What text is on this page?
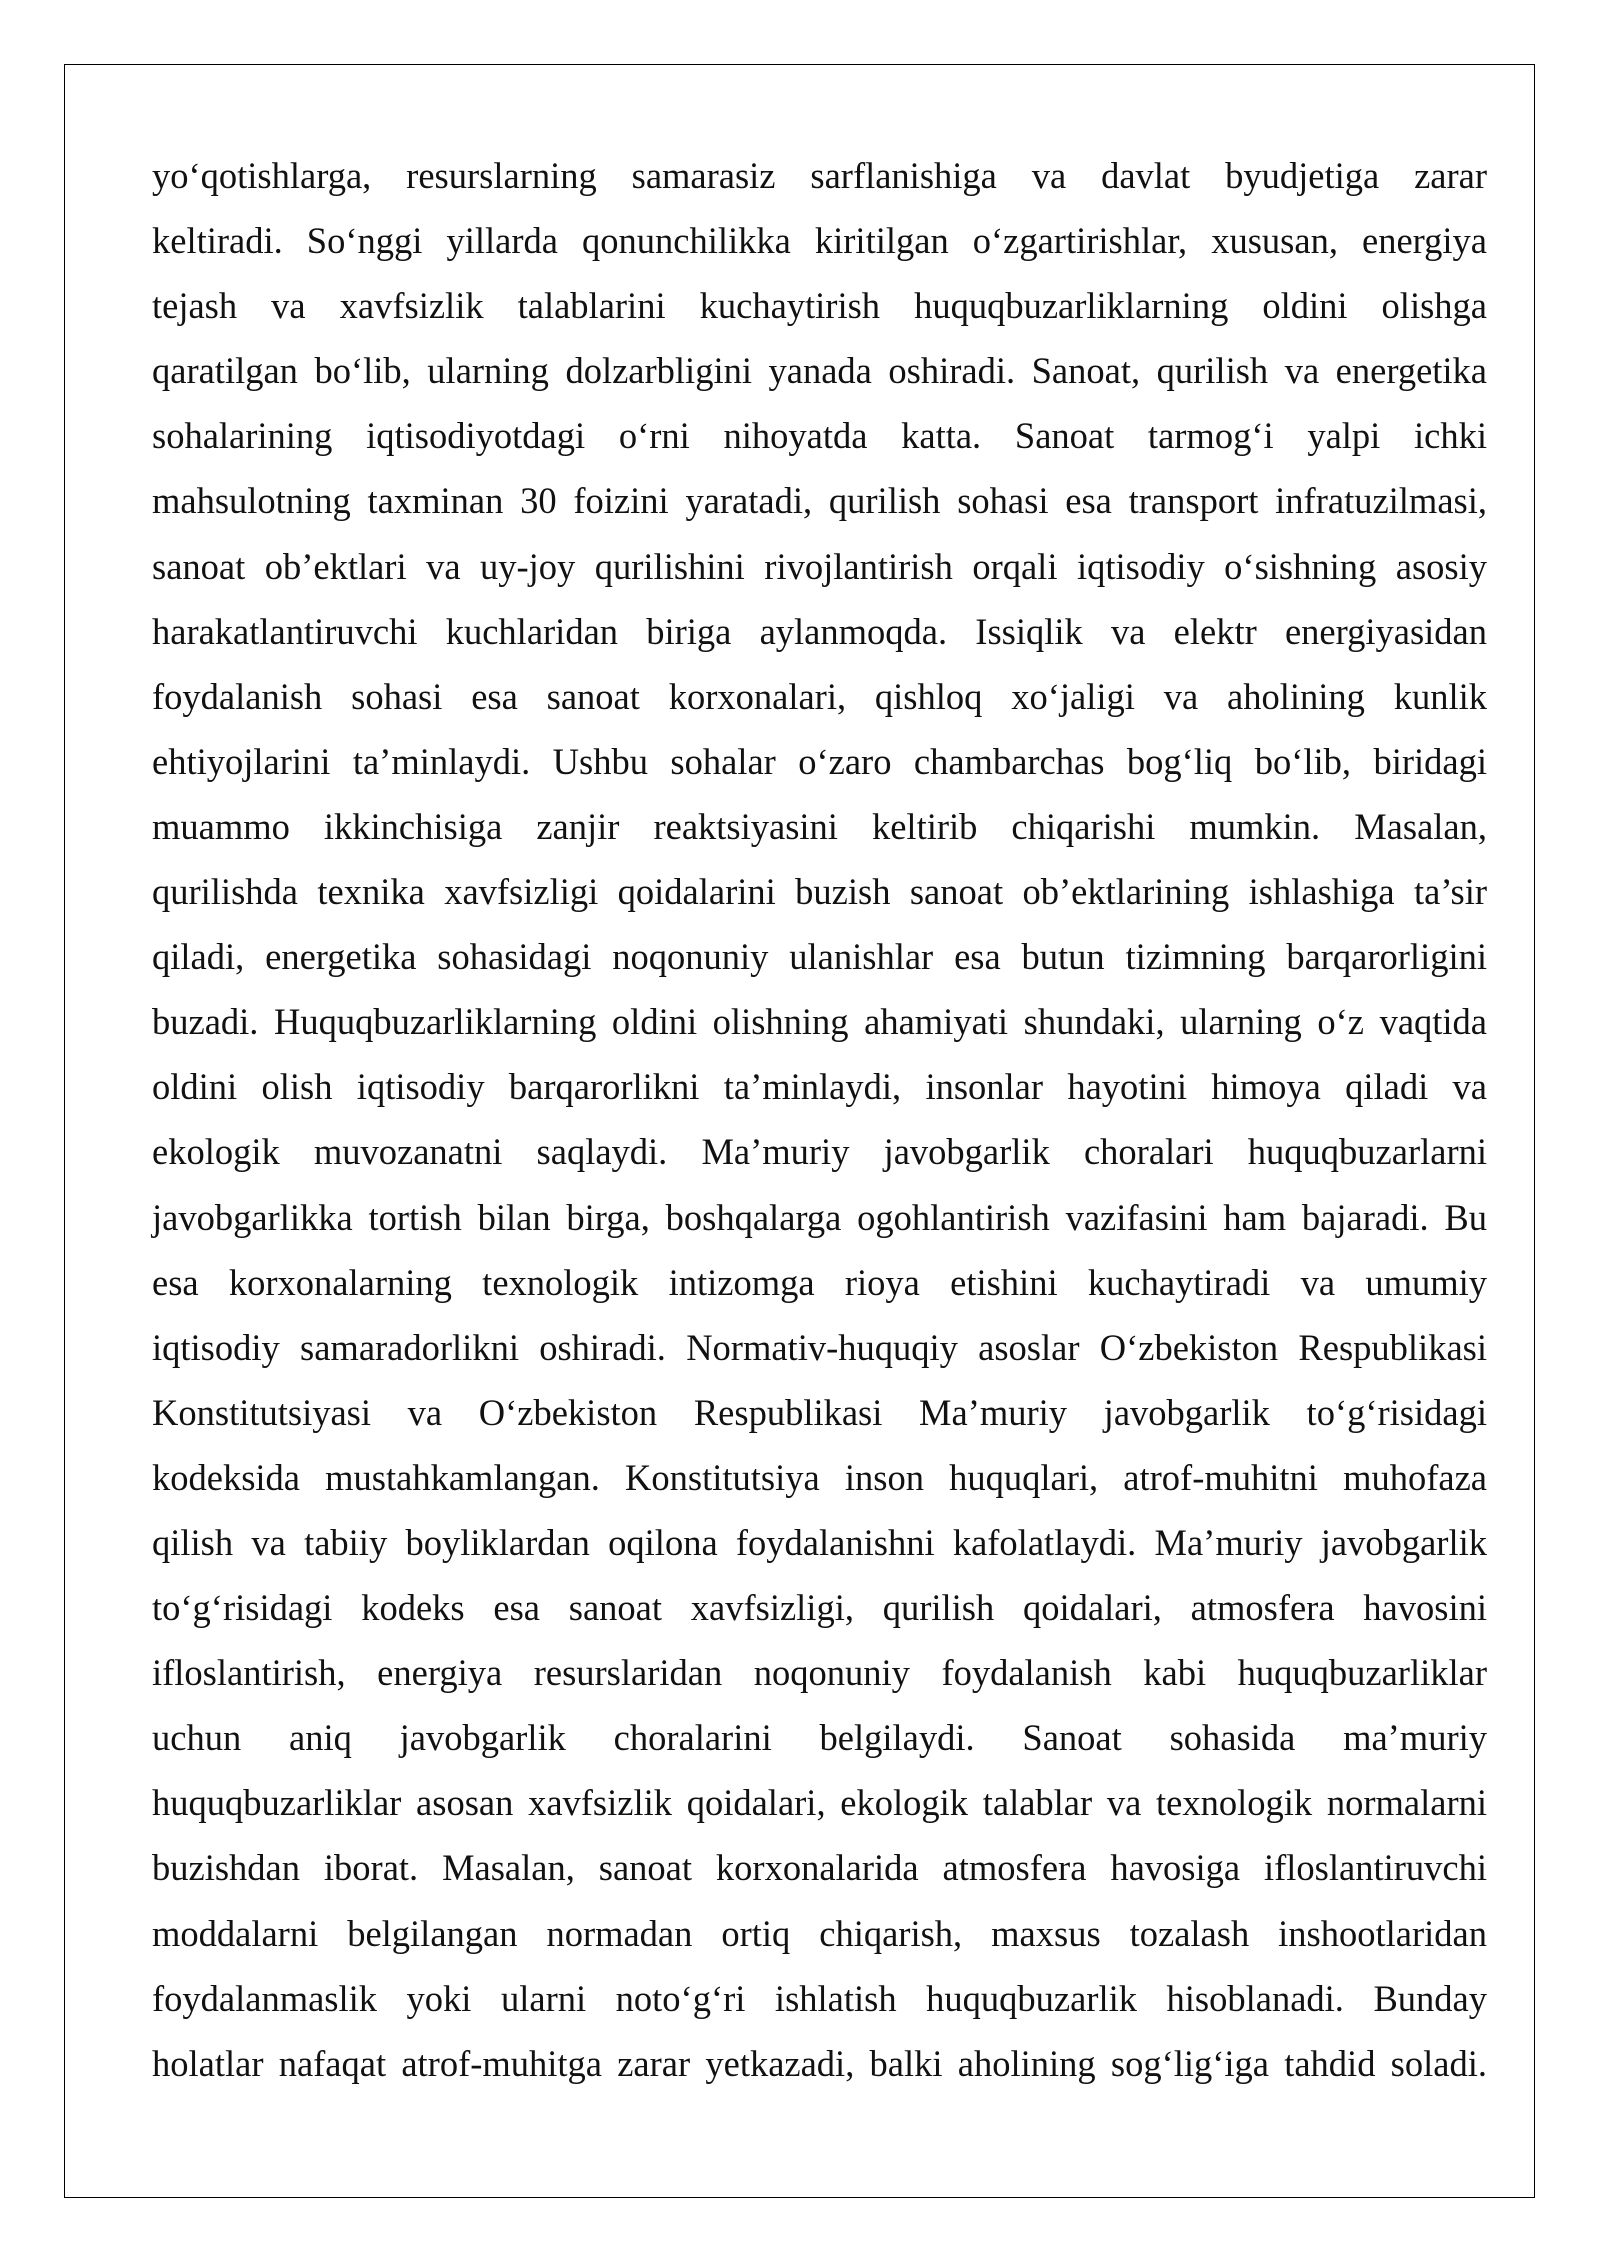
yo‘qotishlarga, resurslarning samarasiz sarflanishiga va davlat byudjetiga zarar
keltiradi. So‘nggi yillarda qonunchilikka kiritilgan o‘zgartirishlar, xususan, energiya
tejash va xavfsizlik talablarini kuchaytirish huquqbuzarliklarning oldini olishga
qaratilgan bo‘lib, ularning dolzarbligini yanada oshiradi. Sanoat, qurilish va energetika
sohalarining iqtisodiyotdagi o‘rni nihoyatda katta. Sanoat tarmog‘i yalpi ichki
mahsulotning taxminan 30 foizini yaratadi, qurilish sohasi esa transport infratuzilmasi,
sanoat ob’ektlari va uy-joy qurilishini rivojlantirish orqali iqtisodiy o‘sishning asosiy
harakatlantiruvchi kuchlaridan biriga aylanmoqda. Issiqlik va elektr energiyasidan
foydalanish sohasi esa sanoat korxonalari, qishloq xo‘jaligi va aholining kunlik
ehtiyojlarini ta’minlaydi. Ushbu sohalar o‘zaro chambarchas bog‘liq bo‘lib, biridagi
muammo ikkinchisiga zanjir reaktsiyasini keltirib chiqarishi mumkin. Masalan,
qurilishda texnika xavfsizligi qoidalarini buzish sanoat ob’ektlarining ishlashiga ta’sir
qiladi, energetika sohasidagi noqonuniy ulanishlar esa butun tizimning barqarorligini
buzadi. Huquqbuzarliklarning oldini olishning ahamiyati shundaki, ularning o‘z vaqtida
oldini olish iqtisodiy barqarorlikni ta’minlaydi, insonlar hayotini himoya qiladi va
ekologik muvozanatni saqlaydi. Ma’muriy javobgarlik choralari huquqbuzarlarni
javobgarlikka tortish bilan birga, boshqalarga ogohlantirish vazifasini ham bajaradi. Bu
esa korxonalarning texnologik intizomga rioya etishini kuchaytiradi va umumiy
iqtisodiy samaradorlikni oshiradi. Normativ-huquqiy asoslar O‘zbekiston Respublikasi
Konstitutsiyasi va O‘zbekiston Respublikasi Ma’muriy javobgarlik to‘g‘risidagi
kodeksida mustahkamlangan. Konstitutsiya inson huquqlari, atrof-muhitni muhofaza
qilish va tabiiy boyliklardan oqilona foydalanishni kafolatlaydi. Ma’muriy javobgarlik
to‘g‘risidagi kodeks esa sanoat xavfsizligi, qurilish qoidalari, atmosfera havosini
ifloslantirish, energiya resurslaridan noqonuniy foydalanish kabi huquqbuzarliklar
uchun aniq javobgarlik choralarini belgilaydi. Sanoat sohasida ma’muriy
huquqbuzarliklar asosan xavfsizlik qoidalari, ekologik talablar va texnologik normalarni
buzishdan iborat. Masalan, sanoat korxonalarida atmosfera havosiga ifloslantiruvchi
moddalarni belgilangan normadan ortiq chiqarish, maxsus tozalash inshootlaridan
foydalanmaslik yoki ularni noto‘g‘ri ishlatish huquqbuzarlik hisoblanadi. Bunday
holatlar nafaqat atrof-muhitga zarar yetkazadi, balki aholining sog‘lig‘iga tahdid soladi.
